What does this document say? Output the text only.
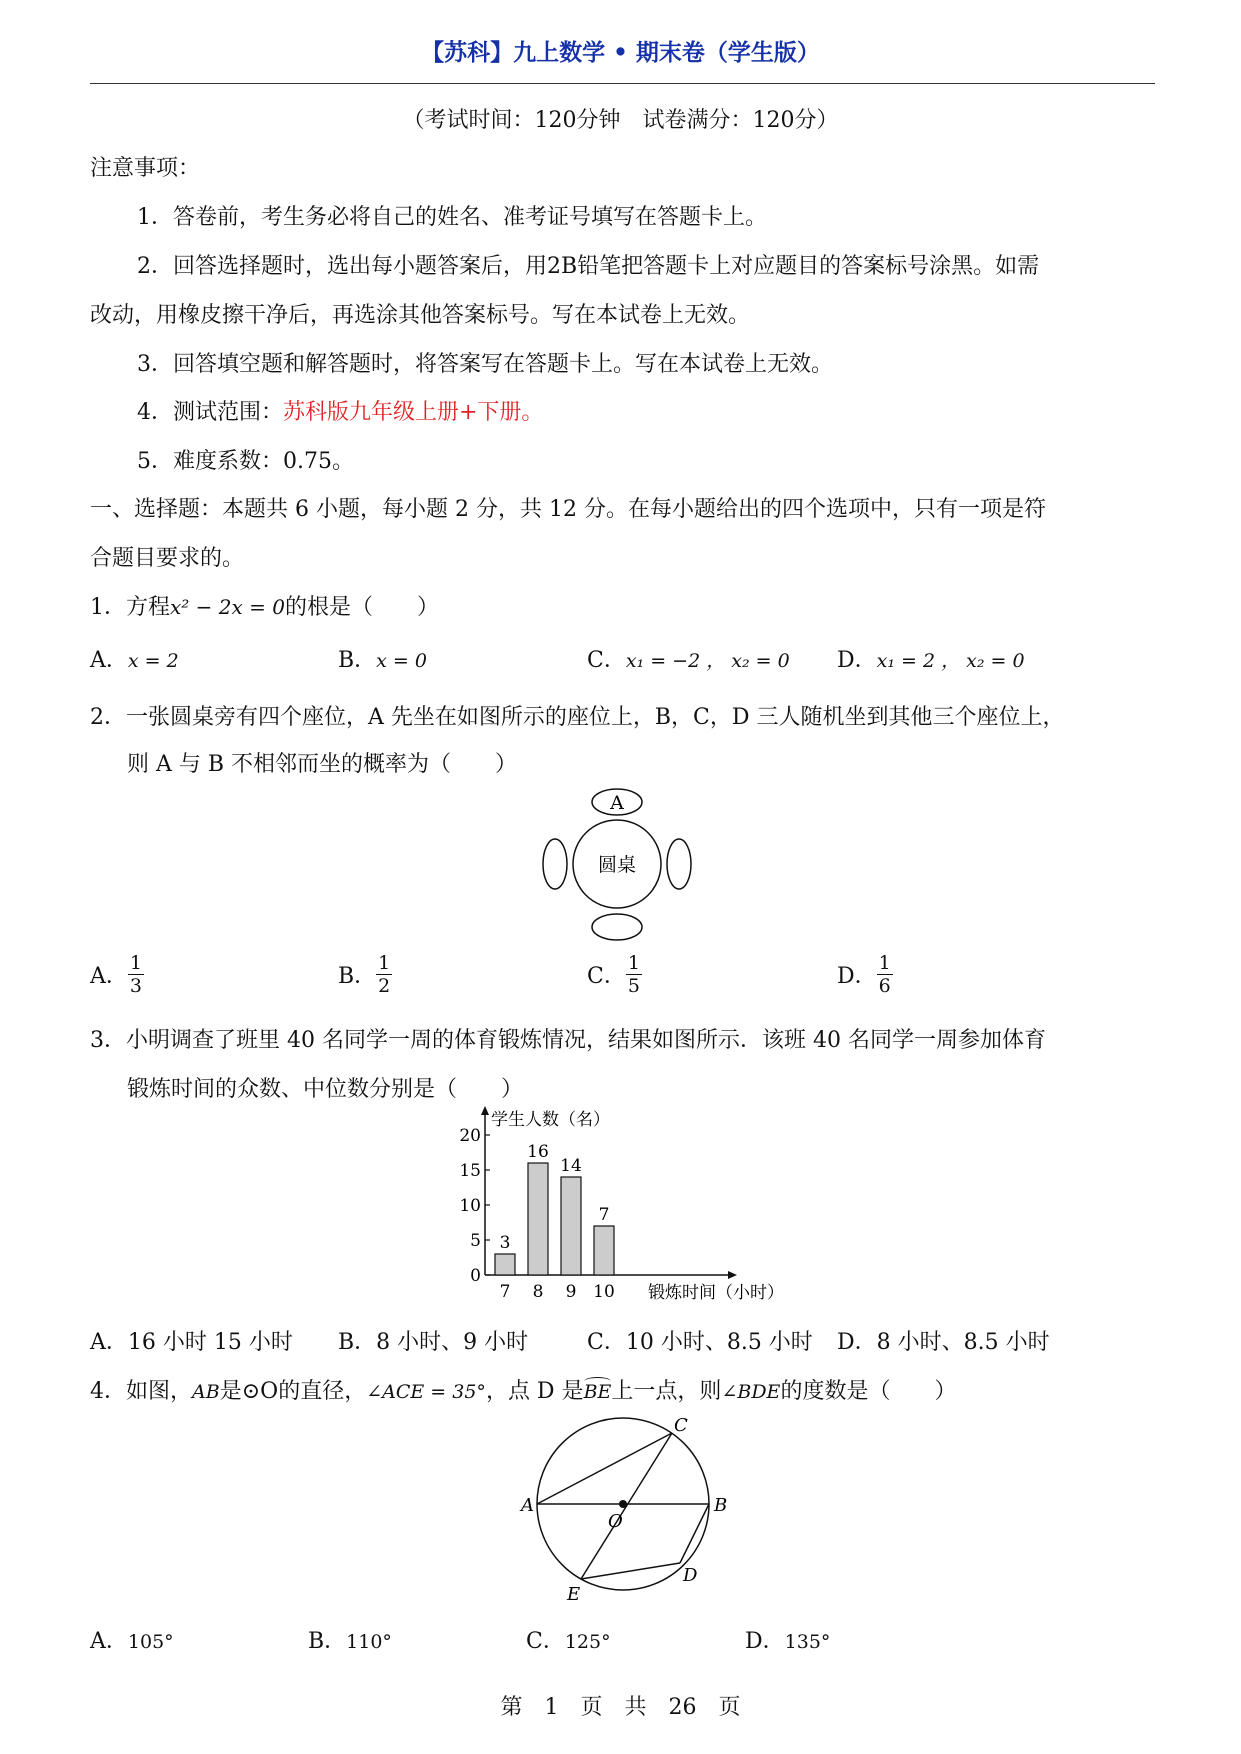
【苏科】九上数学 • 期末卷（学生版）
（考试时间：120分钟　试卷满分：120分）
注意事项：
1．答卷前，考生务必将自己的姓名、准考证号填写在答题卡上。
2．回答选择题时，选出每小题答案后，用2B铅笔把答题卡上对应题目的答案标号涂黑。如需
改动，用橡皮擦干净后，再选涂其他答案标号。写在本试卷上无效。
3．回答填空题和解答题时，将答案写在答题卡上。写在本试卷上无效。
4．测试范围：苏科版九年级上册+下册。
5．难度系数：0.75。
一、选择题：本题共 6 小题，每小题 2 分，共 12 分。在每小题给出的四个选项中，只有一项是符
合题目要求的。
1．方程x² − 2x = 0的根是（　　）
A．x = 2	B．x = 0	C．x₁ = −2 ， x₂ = 0 D．x₁ = 2 ， x₂ = 0
2．一张圆桌旁有四个座位，A 先坐在如图所示的座位上，B，C，D 三人随机坐到其他三个座位上，
则 A 与 B 不相邻而坐的概率为（　　）
A
圆桌
A． $\frac{1}{3}$	B． $\frac{1}{2}$	C． $\frac{1}{5}$	D． $\frac{1}{6}$
3．小明调查了班里 40 名同学一周的体育锻炼情况，结果如图所示．该班 40 名同学一周参加体育
锻炼时间的众数、中位数分别是（　　）
学生人数（名）
锻炼时间（小时）
0
5
10
15
20
3
7
16
8
14
9
7
10
A．16 小时 15 小时 B．8 小时、9 小时	C．10 小时、8.5 小时 D．8 小时、8.5 小时
4．如图，AB是⊙O的直径，∠ACE = 35°，点 D 是
BE上一点，则∠BDE的度数是（　　）
A	B
C
D
E
O
A．105°	B．110°	C．125°	D．135°
第　1　页　共　26　页
